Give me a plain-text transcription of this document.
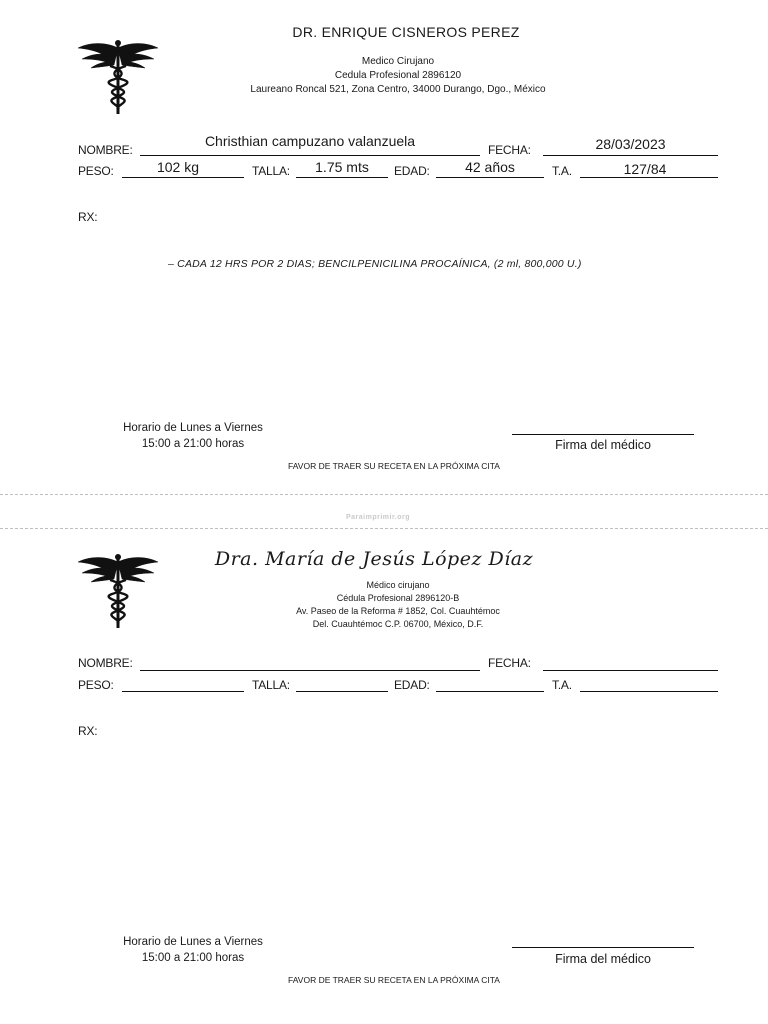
DR. ENRIQUE CISNEROS PEREZ
Medico Cirujano
Cedula Profesional 2896120
Laureano Roncal 521, Zona Centro, 34000 Durango, Dgo., México
NOMBRE:
Christhian campuzano valanzuela
FECHA:	28/03/2023
PESO:	102 kg	TALLA:	1.75 mts	EDAD:	42 años	T.A.	127/84
RX:
– CADA 12 HRS POR 2 DIAS; BENCILPENICILINA PROCAÍNICA, (2 ml, 800,000 U.)
Horario de Lunes a Viernes
15:00 a 21:00 horas	Firma del médico
FAVOR DE TRAER SU RECETA EN LA PRÓXIMA CITA
Paraimprimir.org
Dra. María de Jesús López Díaz
Médico cirujano
Cédula Profesional 2896120-B
Av. Paseo de la Reforma # 1852, Col. Cuauhtémoc
Del. Cuauhtémoc C.P. 06700, México, D.F.
NOMBRE:	FECHA:
PESO:	TALLA:	EDAD:	T.A.
RX:
Horario de Lunes a Viernes
15:00 a 21:00 horas	Firma del médico
FAVOR DE TRAER SU RECETA EN LA PRÓXIMA CITA
